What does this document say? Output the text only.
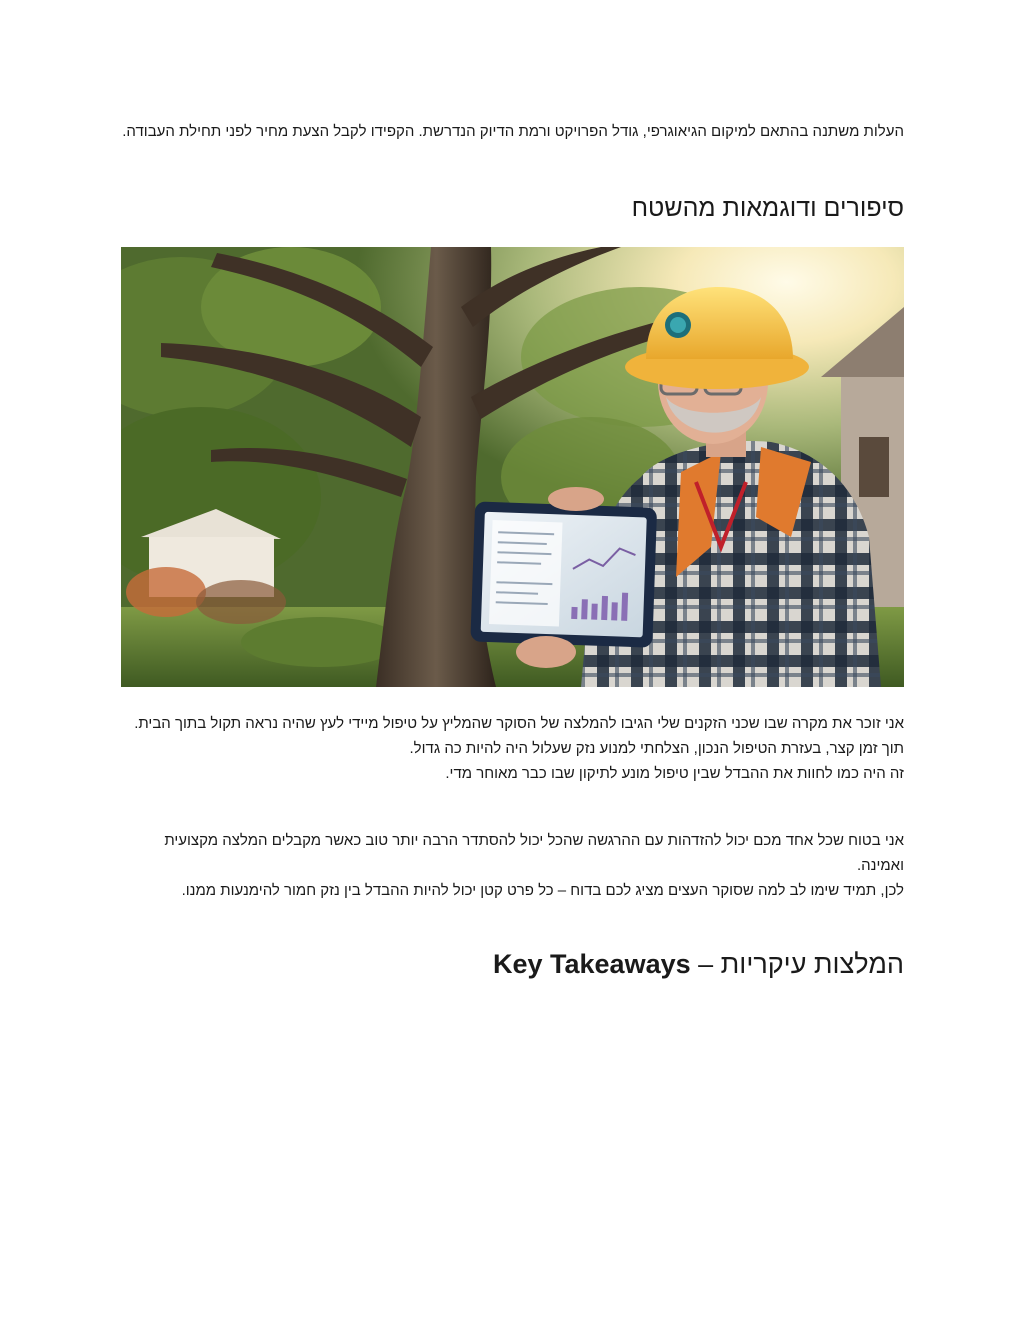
העלות משתנה בהתאם למיקום הגיאוגרפי, גודל הפרויקט ורמת הדיוק הנדרשת. הקפידו לקבל הצעת מחיר לפני תחילת העבודה.

סיפורים ודוגמאות מהשטח
אני זוכר את מקרה שבו שכני הזקנים שלי הגיבו להמלצה של הסוקר שהמליץ על טיפול מיידי לעץ שהיה נראה תקול בתוך הבית.
תוך זמן קצר, בעזרת הטיפול הנכון, הצלחתי למנוע נזק שעלול היה להיות כה גדול.
זה היה כמו לחוות את ההבדל שבין טיפול מונע לתיקון שבו כבר מאוחר מדי.
אני בטוח שכל אחד מכם יכול להזדהות עם ההרגשה שהכל יכול להסתדר הרבה יותר טוב כאשר מקבלים המלצה מקצועית ואמינה.
לכן, תמיד שימו לב למה שסוקר העצים מציג לכם בדוח – כל פרט קטן יכול להיות ההבדל בין נזק חמור להימנעות ממנו.
המלצות עיקריות – Key Takeaways
